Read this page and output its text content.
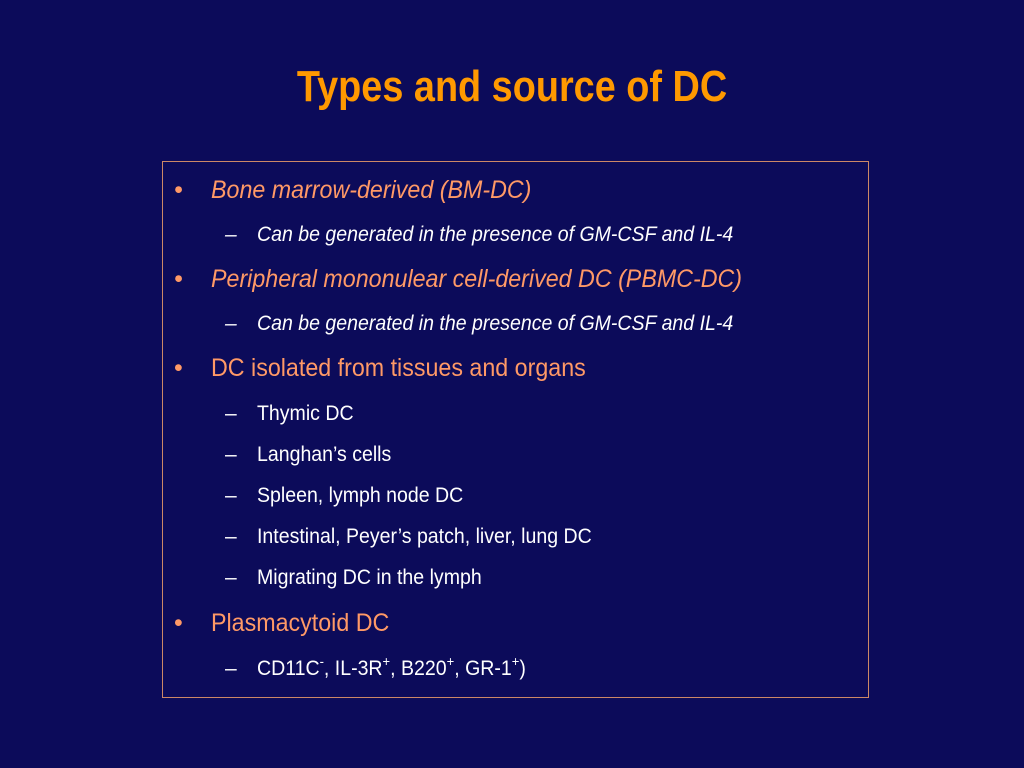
Types and source of DC
• Bone marrow-derived (BM-DC)
– Can be generated in the presence of GM-CSF and IL-4
• Peripheral mononulear cell-derived DC (PBMC-DC)
– Can be generated in the presence of GM-CSF and IL-4
• DC isolated from tissues and organs
– Thymic DC
– Langhan’s cells
– Spleen, lymph node DC
– Intestinal, Peyer’s patch, liver, lung DC
– Migrating DC in the lymph
• Plasmacytoid DC
– CD11C-, IL-3R+, B220+, GR-1+)
